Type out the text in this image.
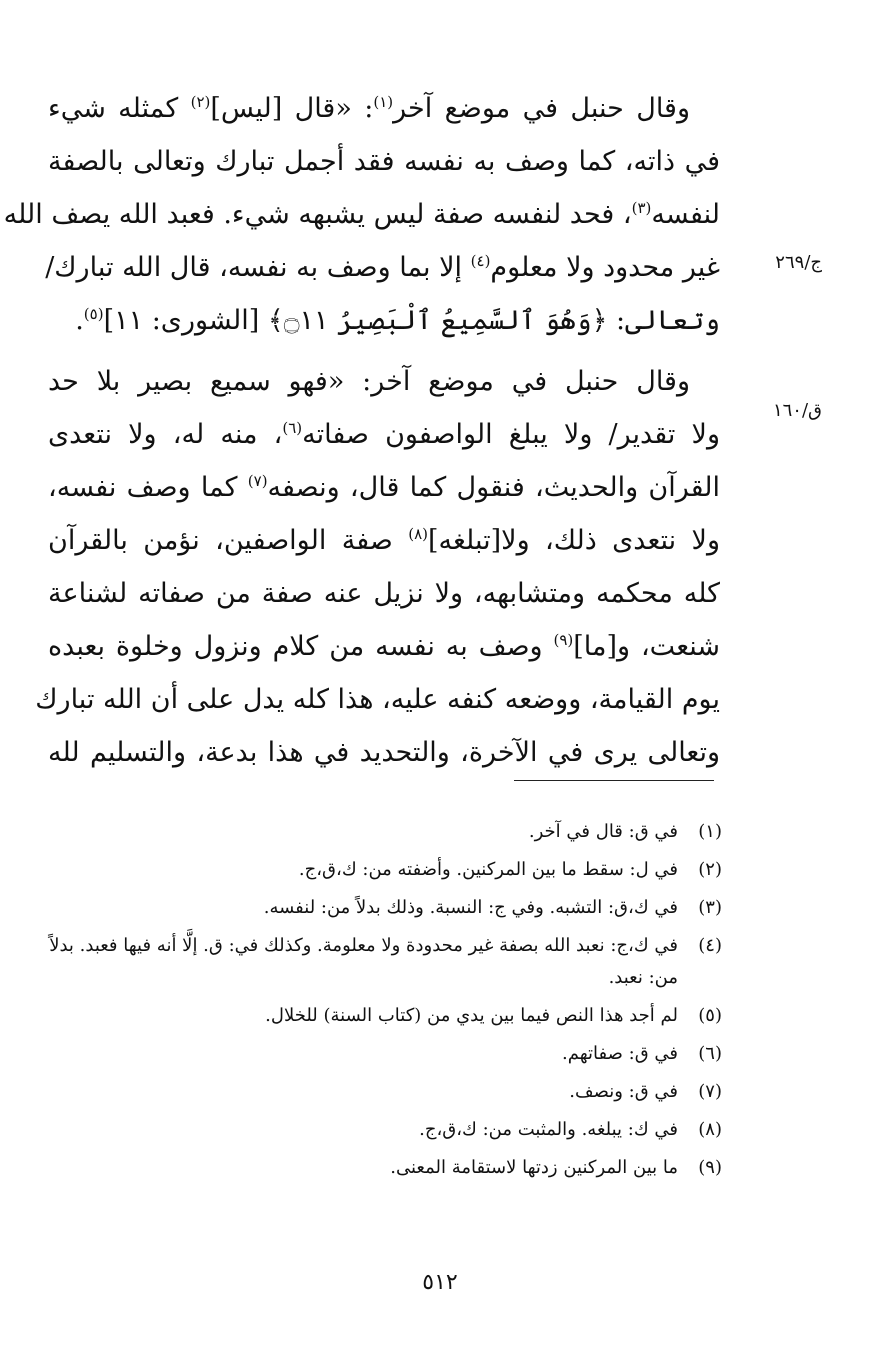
وقال حنبل في موضع آخر$^{(١)}$: «قال [ليس]$^{(٢)}$ كمثله شيء
في ذاته، كما وصف به نفسه فقد أجمل تبارك وتعالى بالصفة
لنفسه$^{(٣)}$، فحد لنفسه صفة ليس يشبهه شيء. فعبد الله يصف الله
غير محدود ولا معلوم$^{(٤)}$ إلا بما وصف به نفسه، قال الله تبارك/
وتعالى: ﴿وَهُوَ ٱلسَّمِيعُ ٱلْبَصِيرُ ۝١١﴾ [الشورى: ١١]$^{(٥)}$.
وقال حنبل في موضع آخر: «فهو سميع بصير بلا حد
ولا تقدير/ ولا يبلغ الواصفون صفاته$^{(٦)}$، منه له، ولا نتعدى
القرآن والحديث، فنقول كما قال، ونصفه$^{(٧)}$ كما وصف نفسه،
ولا نتعدى ذلك، ولا[تبلغه]$^{(٨)}$ صفة الواصفين، نؤمن بالقرآن
كله محكمه ومتشابهه، ولا نزيل عنه صفة من صفاته لشناعة
شنعت، و[ما]$^{(٩)}$ وصف به نفسه من كلام ونزول وخلوة بعبده
يوم القيامة، ووضعه كنفه عليه، هذا كله يدل على أن الله تبارك
وتعالى يرى في الآخرة، والتحديد في هذا بدعة، والتسليم لله
ج/٢٦٩
ق/١٦٠
(١)
في ق: قال في آخر.
(٢)
في ل: سقط ما بين المركنين. وأضفته من: ك،ق،ج.
(٣)
في ك،ق: التشبه. وفي ج: النسبة. وذلك بدلاً من: لنفسه.
(٤)
في ك،ج: نعبد الله بصفة غير محدودة ولا معلومة. وكذلك في: ق. إلَّا أنه فيها فعبد. بدلاً من: نعبد.
(٥)
لم أجد هذا النص فيما بين يدي من (كتاب السنة) للخلال.
(٦)
في ق: صفاتهم.
(٧)
في ق: ونصف.
(٨)
في ك: يبلغه. والمثبت من: ك،ق،ج.
(٩)
ما بين المركنين زدتها لاستقامة المعنى.
٥١٢
